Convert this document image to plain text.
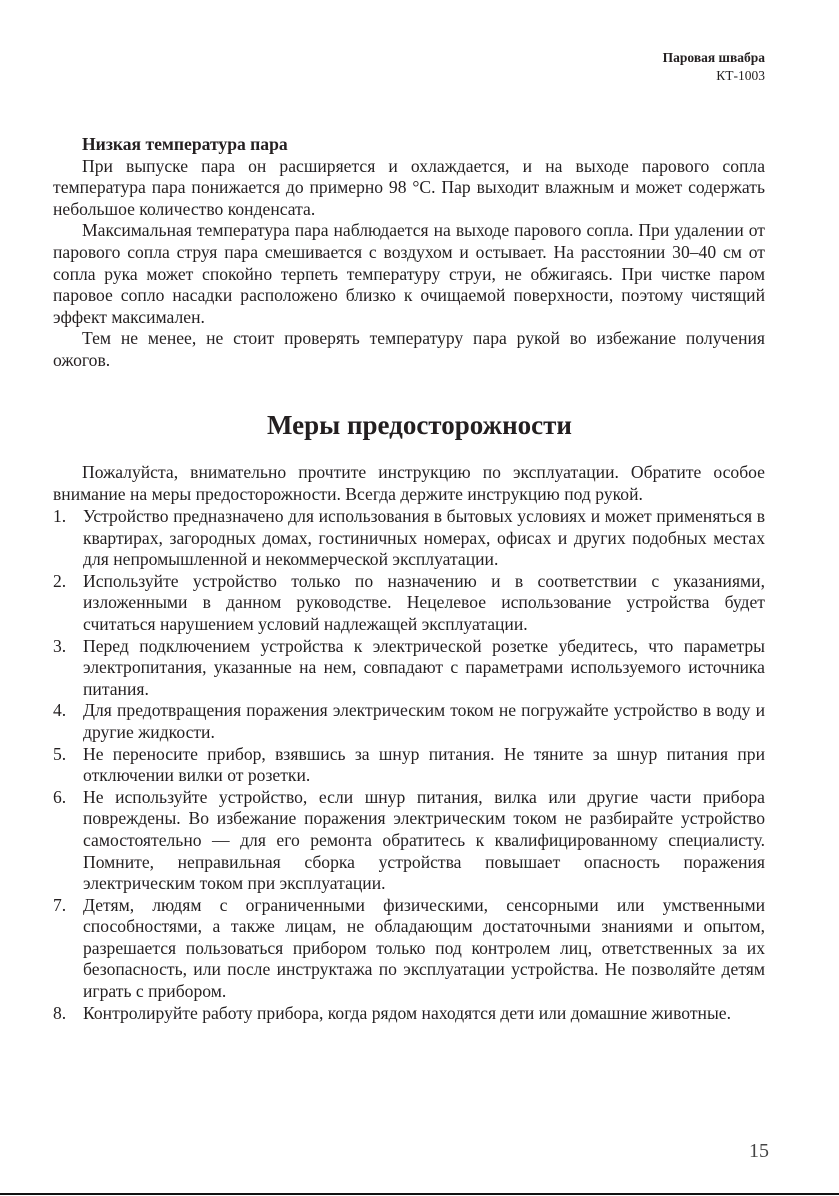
Паровая швабра
КТ-1003
Низкая температура пара

При выпуске пара он расширяется и охлаждается, и на выходе парового сопла температура пара понижается до примерно 98 °С. Пар выходит влажным и может содержать небольшое количество конденсата.

Максимальная температура пара наблюдается на выходе парового сопла. При удалении от парового сопла струя пара смешивается с воздухом и остывает. На расстоянии 30–40 см от сопла рука может спокойно терпеть температуру струи, не обжигаясь. При чистке паром паровое сопло насадки расположено близко к очищаемой поверхности, поэтому чистящий эффект максимален.

Тем не менее, не стоит проверять температуру пара рукой во избежание получения ожогов.

Меры предосторожности

Пожалуйста, внимательно прочтите инструкцию по эксплуатации. Обратите особое внимание на меры предосторожности. Всегда держите инструкцию под рукой.

1. Устройство предназначено для использования в бытовых условиях и может применяться в квартирах, загородных домах, гостиничных номерах, офисах и других подобных местах для непромышленной и некоммерческой эксплуатации.
2. Используйте устройство только по назначению и в соответствии с указаниями, изложенными в данном руководстве. Нецелевое использование устройства будет считаться нарушением условий надлежащей эксплуатации.
3. Перед подключением устройства к электрической розетке убедитесь, что параметры электропитания, указанные на нем, совпадают с параметрами используемого источника питания.
4. Для предотвращения поражения электрическим током не погружайте устройство в воду и другие жидкости.
5. Не переносите прибор, взявшись за шнур питания. Не тяните за шнур питания при отключении вилки от розетки.
6. Не используйте устройство, если шнур питания, вилка или другие части прибора повреждены. Во избежание поражения электрическим током не разбирайте устройство самостоятельно — для его ремонта обратитесь к квалифицированному специалисту. Помните, неправильная сборка устройства повышает опасность поражения электрическим током при эксплуатации.
7. Детям, людям с ограниченными физическими, сенсорными или умственными способностями, а также лицам, не обладающим достаточными знаниями и опытом, разрешается пользоваться прибором только под контролем лиц, ответственных за их безопасность, или после инструктажа по эксплуатации устройства. Не позволяйте детям играть с прибором.
8. Контролируйте работу прибора, когда рядом находятся дети или домашние животные.
15
